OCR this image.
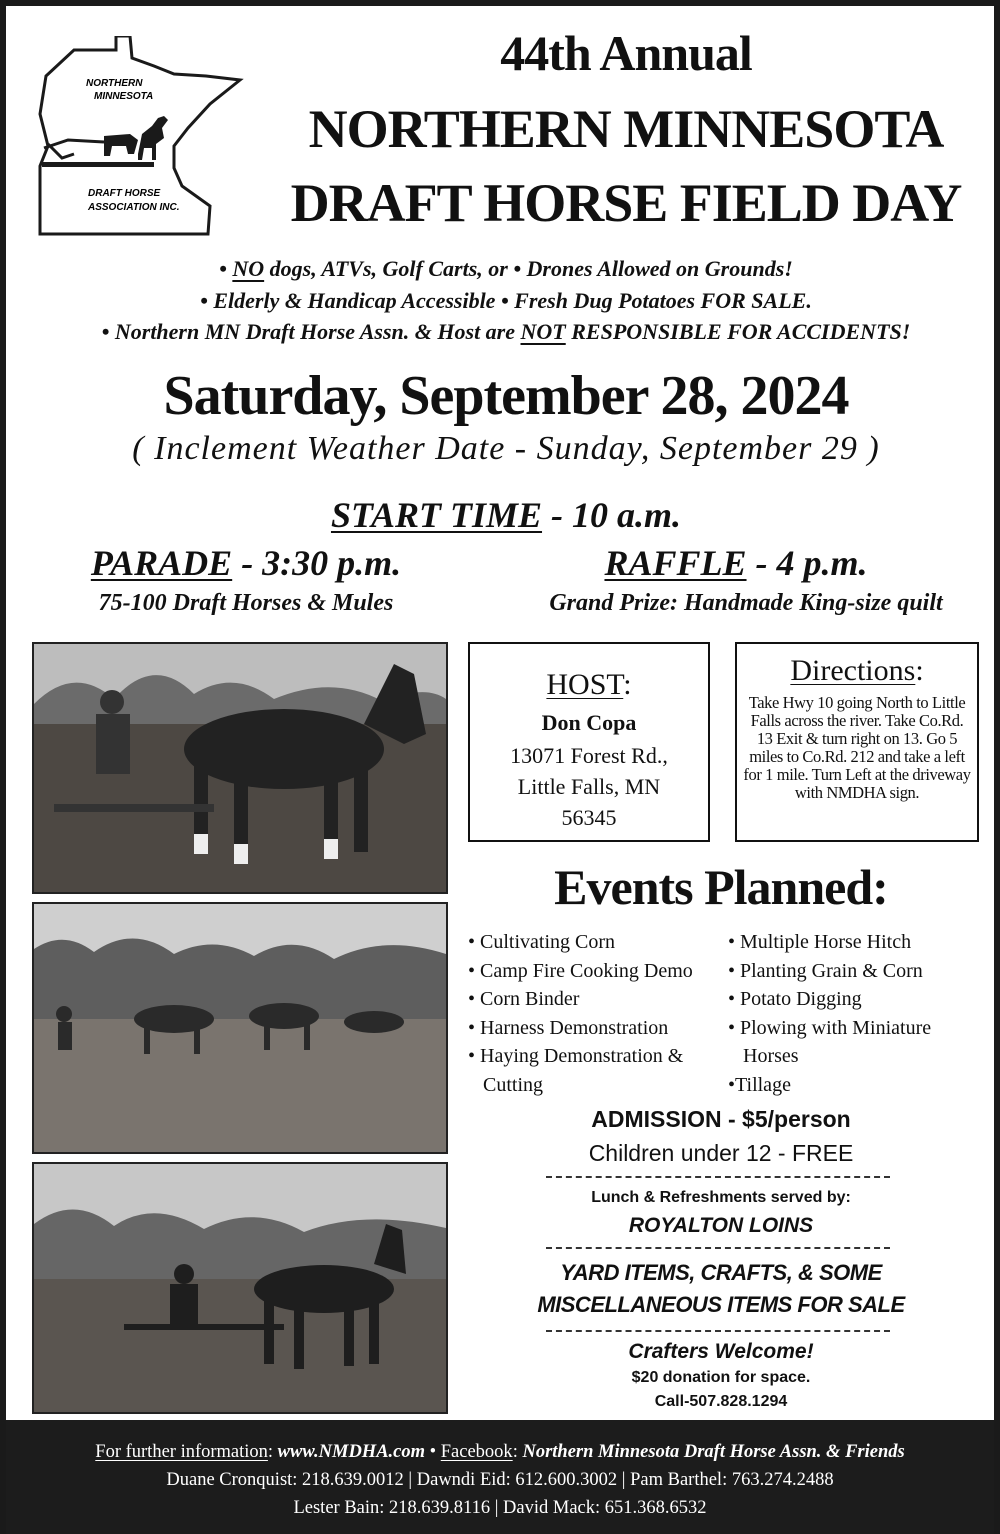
NORTHERN
MINNESOTA
DRAFT HORSE
ASSOCIATION INC.
44th Annual
NORTHERN MINNESOTA
DRAFT HORSE FIELD DAY
• NO dogs, ATVs, Golf Carts, or • Drones Allowed on Grounds!
• Elderly & Handicap Accessible • Fresh Dug Potatoes FOR SALE.
• Northern MN Draft Horse Assn. & Host are NOT RESPONSIBLE FOR ACCIDENTS!
Saturday, September 28, 2024
( Inclement Weather Date - Sunday, September 29 )
START TIME - 10 a.m.
PARADE - 3:30 p.m.
75-100 Draft Horses & Mules
RAFFLE - 4 p.m.
Grand Prize: Handmade King-size quilt
HOST:
Don Copa
13071 Forest Rd.,
Little Falls, MN
56345
Directions:
Take Hwy 10 going North to Little Falls across the river. Take Co.Rd. 13 Exit & turn right on 13. Go 5 miles to Co.Rd. 212 and take a left for 1 mile. Turn Left at the driveway with NMDHA sign.
Events Planned:
• Cultivating Corn
• Camp Fire Cooking Demo
• Corn Binder
• Harness Demonstration
• Haying Demonstration &
Cutting
• Multiple Horse Hitch
• Planting Grain & Corn
• Potato Digging
• Plowing with Miniature
Horses
•Tillage
ADMISSION - $5/person
Children under 12 - FREE
Lunch & Refreshments served by:
ROYALTON LOINS
YARD ITEMS, CRAFTS, & SOME
MISCELLANEOUS ITEMS FOR SALE
Crafters Welcome!
$20 donation for space.
Call-507.828.1294
For further information: www.NMDHA.com • Facebook: Northern Minnesota Draft Horse Assn. & Friends
Duane Cronquist: 218.639.0012 | Dawndi Eid: 612.600.3002 | Pam Barthel: 763.274.2488
Lester Bain: 218.639.8116 | David Mack: 651.368.6532
